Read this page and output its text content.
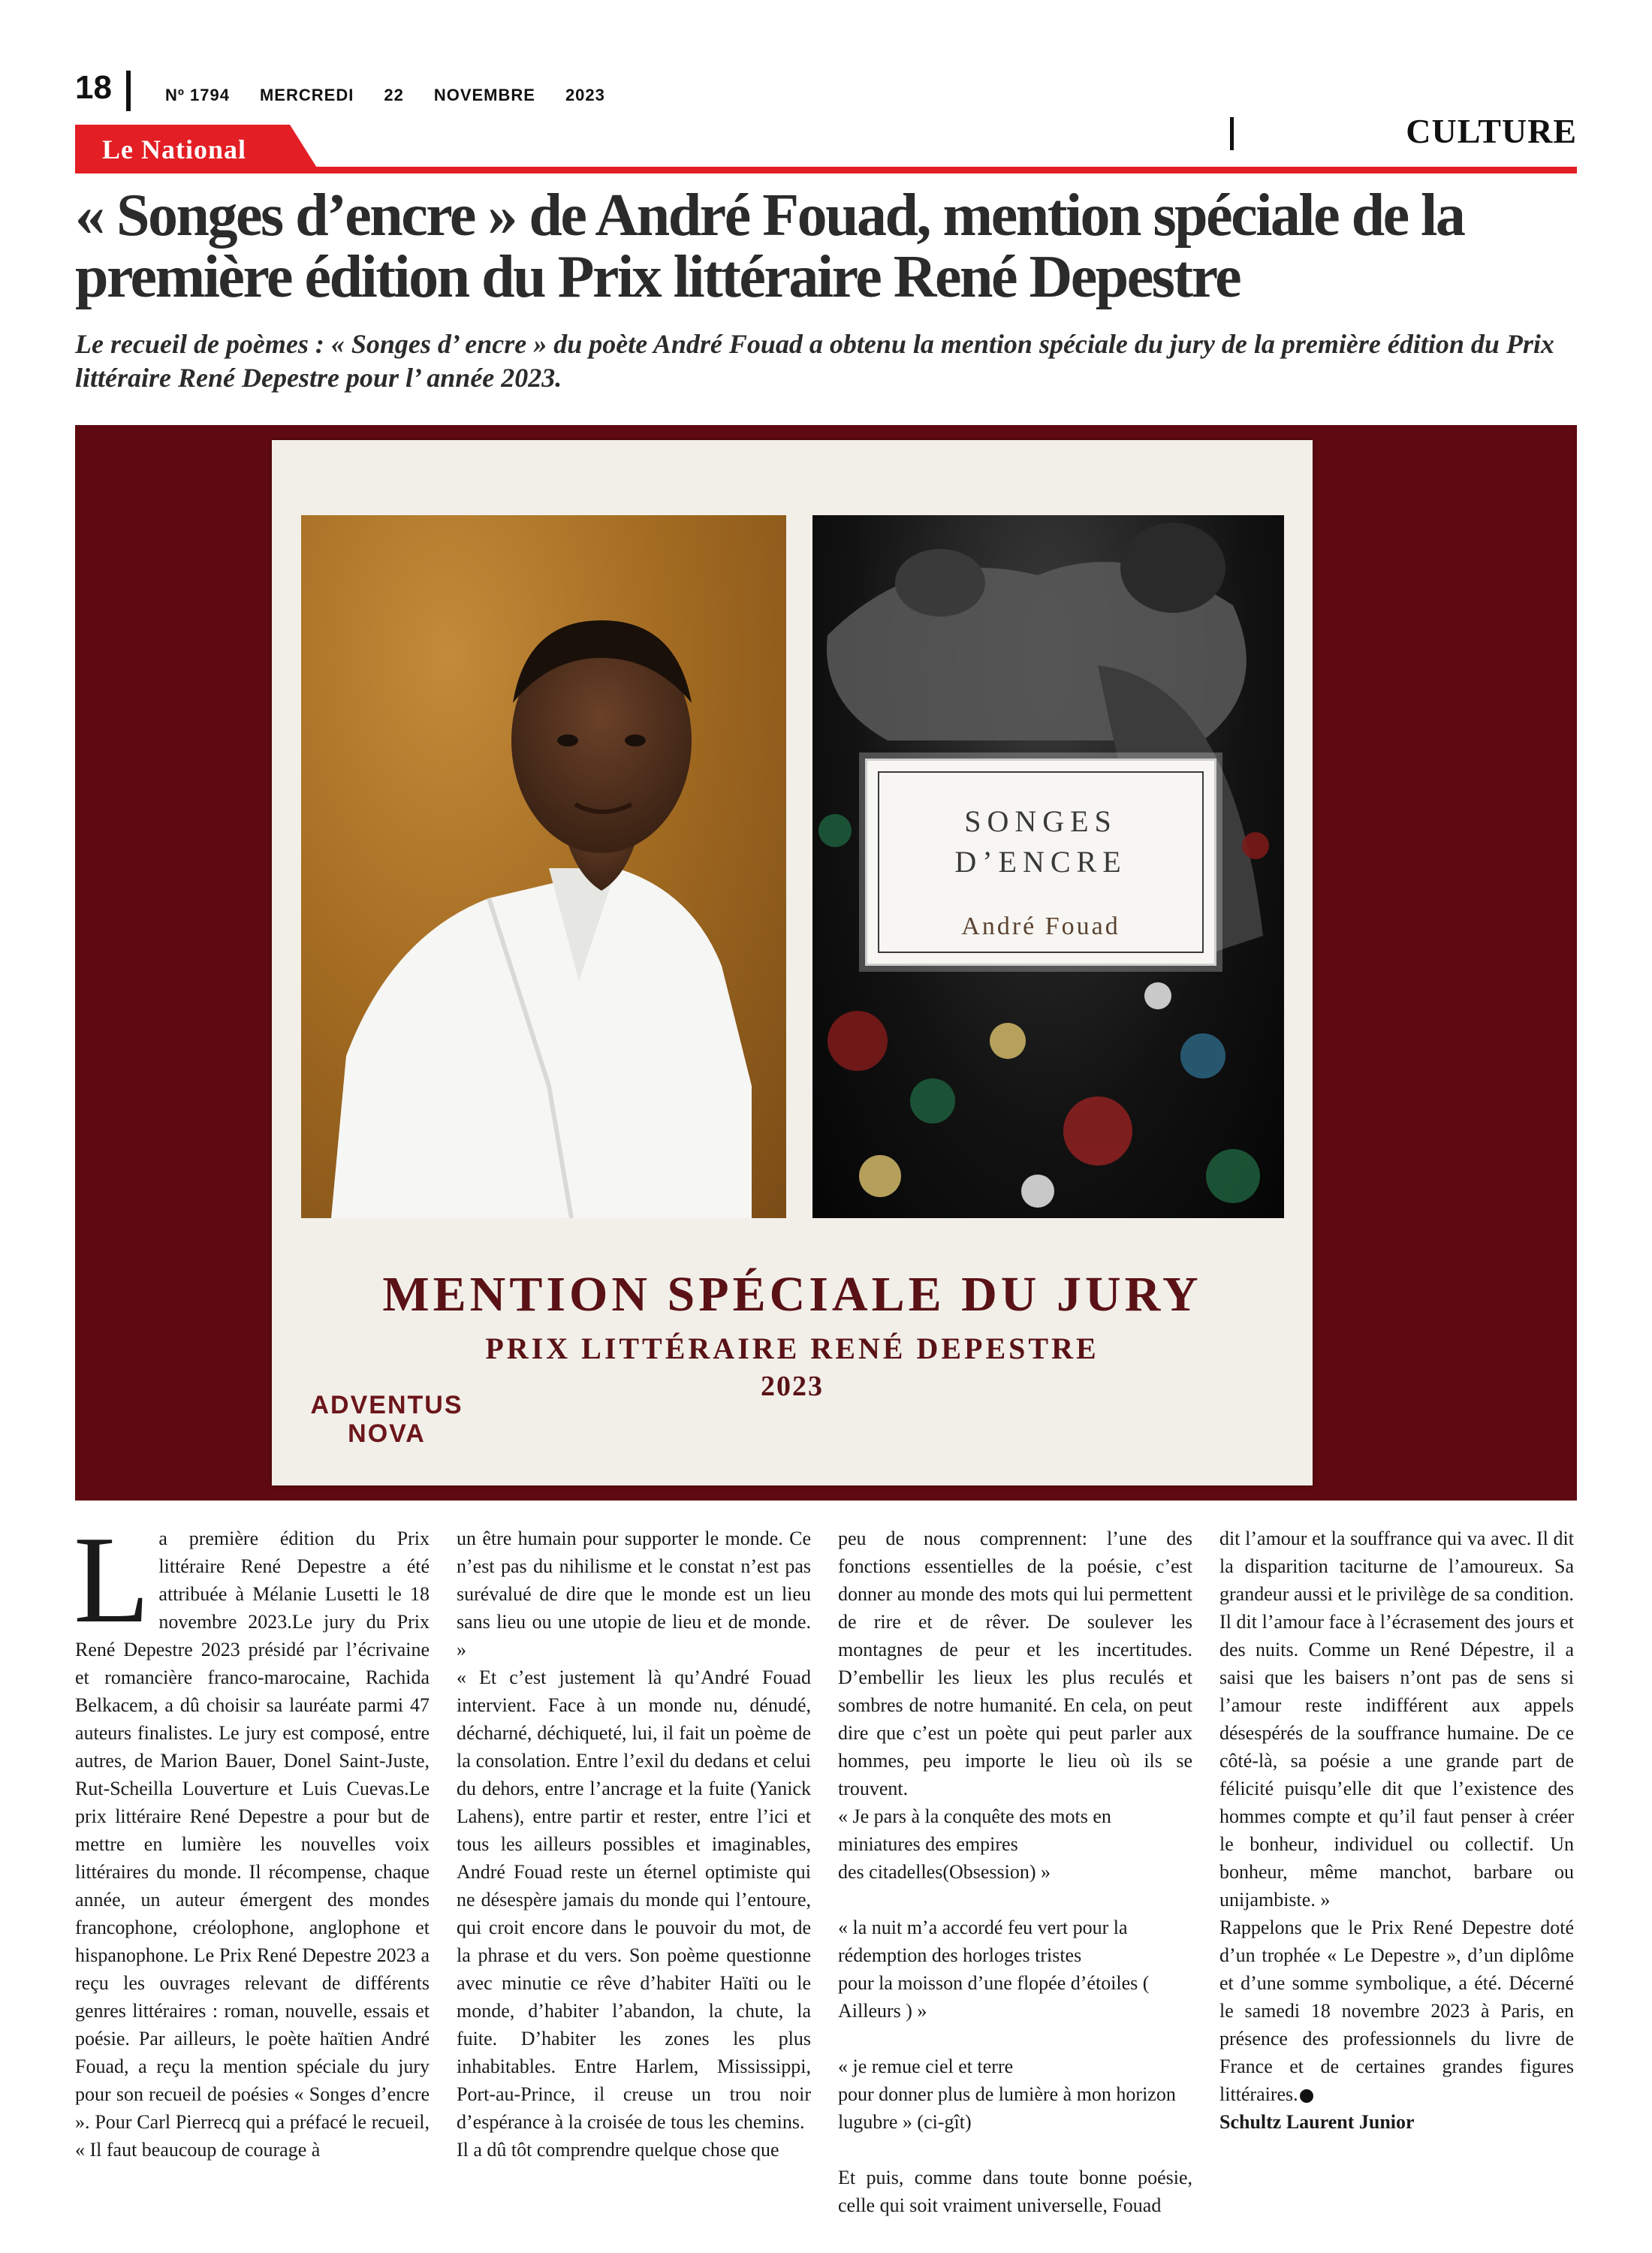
18	Nº 1794 MERCREDI 22 NOVEMBRE 2023
Le National	CULTURE
« Songes d’encre » de André Fouad, mention spéciale de la première édition du Prix littéraire René Depestre

Le recueil de poèmes : « Songes d’ encre » du poète André Fouad a obtenu la mention spéciale du jury de la première édition du Prix littéraire René Depestre pour l’ année 2023.

SONGES
D’ENCRE
André Fouad
MENTION SPÉCIALE DU JURY
PRIX LITTÉRAIRE RENÉ DEPESTRE
2023
ADVENTUS
NOVA
L a première édition du Prix littéraire René Depestre a été attribuée à Mélanie Lusetti le 18 novembre 2023.Le jury du Prix René Depestre 2023 présidé par l’écrivaine et romancière franco-marocaine, Rachida Belkacem, a dû choisir sa lauréate parmi 47 auteurs finalistes. Le jury est composé, entre autres, de Marion Bauer, Donel Saint-Juste, Rut-Scheilla Louverture et Luis Cuevas.Le prix littéraire René Depestre a pour but de mettre en lumière les nouvelles voix littéraires du monde. Il récompense, chaque année, un auteur émergent des mondes francophone, créolophone, anglophone et hispanophone. Le Prix René Depestre 2023 a reçu les ouvrages relevant de différents genres littéraires : roman, nouvelle, essais et poésie. Par ailleurs, le poète haïtien André Fouad, a reçu la mention spéciale du jury pour son recueil de poésies « Songes d’encre ». Pour Carl Pierrecq qui a préfacé le recueil, « Il faut beaucoup de courage à

un être humain pour supporter le monde. Ce n’est pas du nihilisme et le constat n’est pas surévalué de dire que le monde est un lieu sans lieu ou une utopie de lieu et de monde. »

« Et c’est justement là qu’André Fouad intervient. Face à un monde nu, dénudé, décharné, déchiqueté, lui, il fait un poème de la consolation. Entre l’exil du dedans et celui du dehors, entre l’ancrage et la fuite (Yanick Lahens), entre partir et rester, entre l’ici et tous les ailleurs possibles et imaginables, André Fouad reste un éternel optimiste qui ne désespère jamais du monde qui l’entoure, qui croit encore dans le pouvoir du mot, de la phrase et du vers. Son poème questionne avec minutie ce rêve d’habiter Haïti ou le monde, d’habiter l’abandon, la chute, la fuite. D’habiter les zones les plus inhabitables. Entre Harlem, Mississippi, Port-au-Prince, il creuse un trou noir d’espérance à la croisée de tous les chemins.

Il a dû tôt comprendre quelque chose que

peu de nous comprennent: l’une des fonctions essentielles de la poésie, c’est donner au monde des mots qui lui permettent de rire et de rêver. De soulever les montagnes de peur et les incertitudes. D’embellir les lieux les plus reculés et sombres de notre humanité. En cela, on peut dire que c’est un poète qui peut parler aux hommes, peu importe le lieu où ils se trouvent.

« Je pars à la conquête des mots en miniatures des empires

des citadelles(Obsession) »

« la nuit m’a accordé feu vert pour la rédemption des horloges tristes

pour la moisson d’une flopée d’étoiles ( Ailleurs ) »

« je remue ciel et terre

pour donner plus de lumière à mon horizon lugubre » (ci-gît)

Et puis, comme dans toute bonne poésie, celle qui soit vraiment universelle, Fouad

dit l’amour et la souffrance qui va avec. Il dit la disparition taciturne de l’amoureux. Sa grandeur aussi et le privilège de sa condition. Il dit l’amour face à l’écrasement des jours et des nuits. Comme un René Dépestre, il a saisi que les baisers n’ont pas de sens si l’amour reste indifférent aux appels désespérés de la souffrance humaine. De ce côté-là, sa poésie a une grande part de félicité puisqu’elle dit que l’existence des hommes compte et qu’il faut penser à créer le bonheur, individuel ou collectif. Un bonheur, même manchot, barbare ou unijambiste. »

Rappelons que le Prix René Depestre doté d’un trophée « Le Depestre », d’un diplôme et d’une somme symbolique, a été. Décerné le samedi 18 novembre 2023 à Paris, en présence des professionnels du livre de France et de certaines grandes figures littéraires.

Schultz Laurent Junior
